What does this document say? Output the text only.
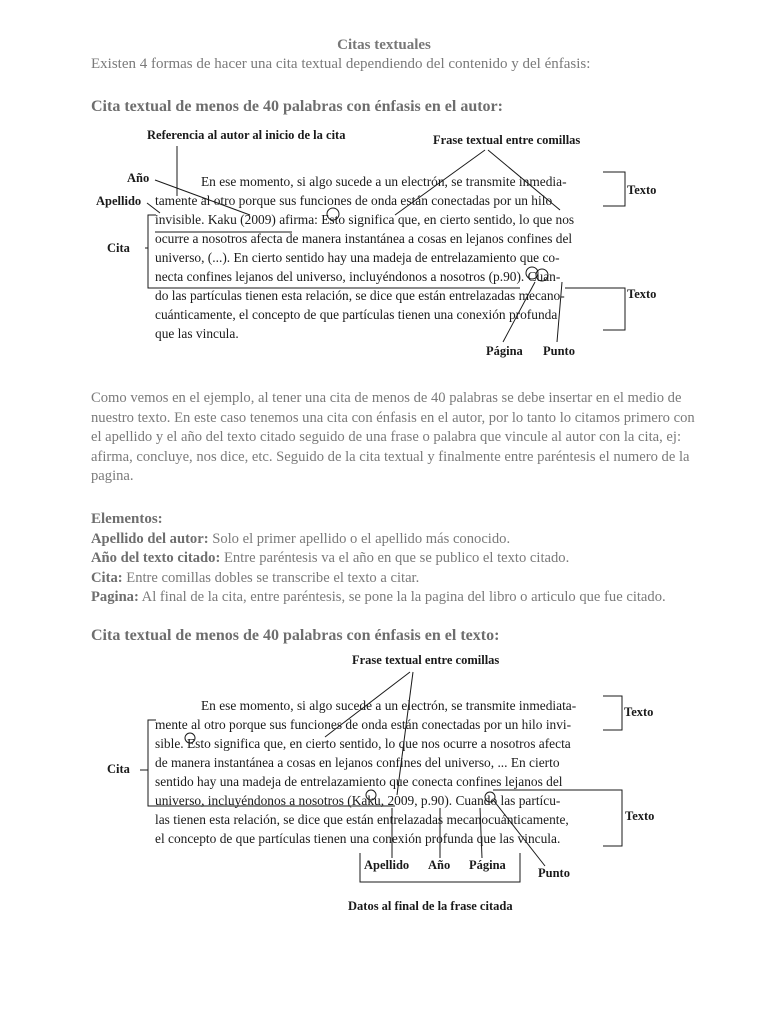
Citas textuales
Existen 4 formas de hacer una cita textual dependiendo del contenido y del énfasis:
Cita textual de menos de 40 palabras con énfasis en el autor:
Referencia al autor al inicio de la cita	Frase textual entre comillas
Año
Apellido
Cita
Texto
Texto
Página Punto
En ese momento, si algo sucede a un electrón, se transmite inmedia-
tamente al otro porque sus funciones de onda están conectadas por un hilo
invisible. Kaku (2009) afirma: Esto significa que, en cierto sentido, lo que nos
ocurre a nosotros afecta de manera instantánea a cosas en lejanos confines del
universo, (...). En cierto sentido hay una madeja de entrelazamiento que co-
necta confines lejanos del universo, incluyéndonos a nosotros (p.90). Cuan-
do las partículas tienen esta relación, se dice que están entrelazadas mecano-
cuánticamente, el concepto de que partículas tienen una conexión profunda
que las vincula.
Como vemos en el ejemplo, al tener una cita de menos de 40 palabras se debe insertar en el medio de nuestro texto. En este caso tenemos una cita con énfasis en el autor, por lo tanto lo citamos primero con el apellido y el año del texto citado seguido de una frase o palabra que vincule al autor con la cita, ej: afirma, concluye, nos dice, etc. Seguido de la cita textual y finalmente entre paréntesis el numero de la pagina.
Elementos:
Apellido del autor: Solo el primer apellido o el apellido más conocido.
Año del texto citado: Entre paréntesis va el año en que se publico el texto citado.
Cita: Entre comillas dobles se transcribe el texto a citar.
Pagina: Al final de la cita, entre paréntesis, se pone la la pagina del libro o articulo que fue citado.
Cita textual de menos de 40 palabras con énfasis en el texto:
Frase textual entre comillas
Cita
Texto
Texto
Apellido Año Página
Punto
Datos al final de la frase citada
En ese momento, si algo sucede a un electrón, se transmite inmediata-
mente al otro porque sus funciones de onda están conectadas por un hilo invi-
sible. Esto significa que, en cierto sentido, lo que nos ocurre a nosotros afecta
de manera instantánea a cosas en lejanos confines del universo, ... En cierto
sentido hay una madeja de entrelazamiento que conecta confines lejanos del
universo, incluyéndonos a nosotros (Kaku, 2009, p.90). Cuando las partícu-
las tienen esta relación, se dice que están entrelazadas mecanocuánticamente,
el concepto de que partículas tienen una conexión profunda que las vincula.
